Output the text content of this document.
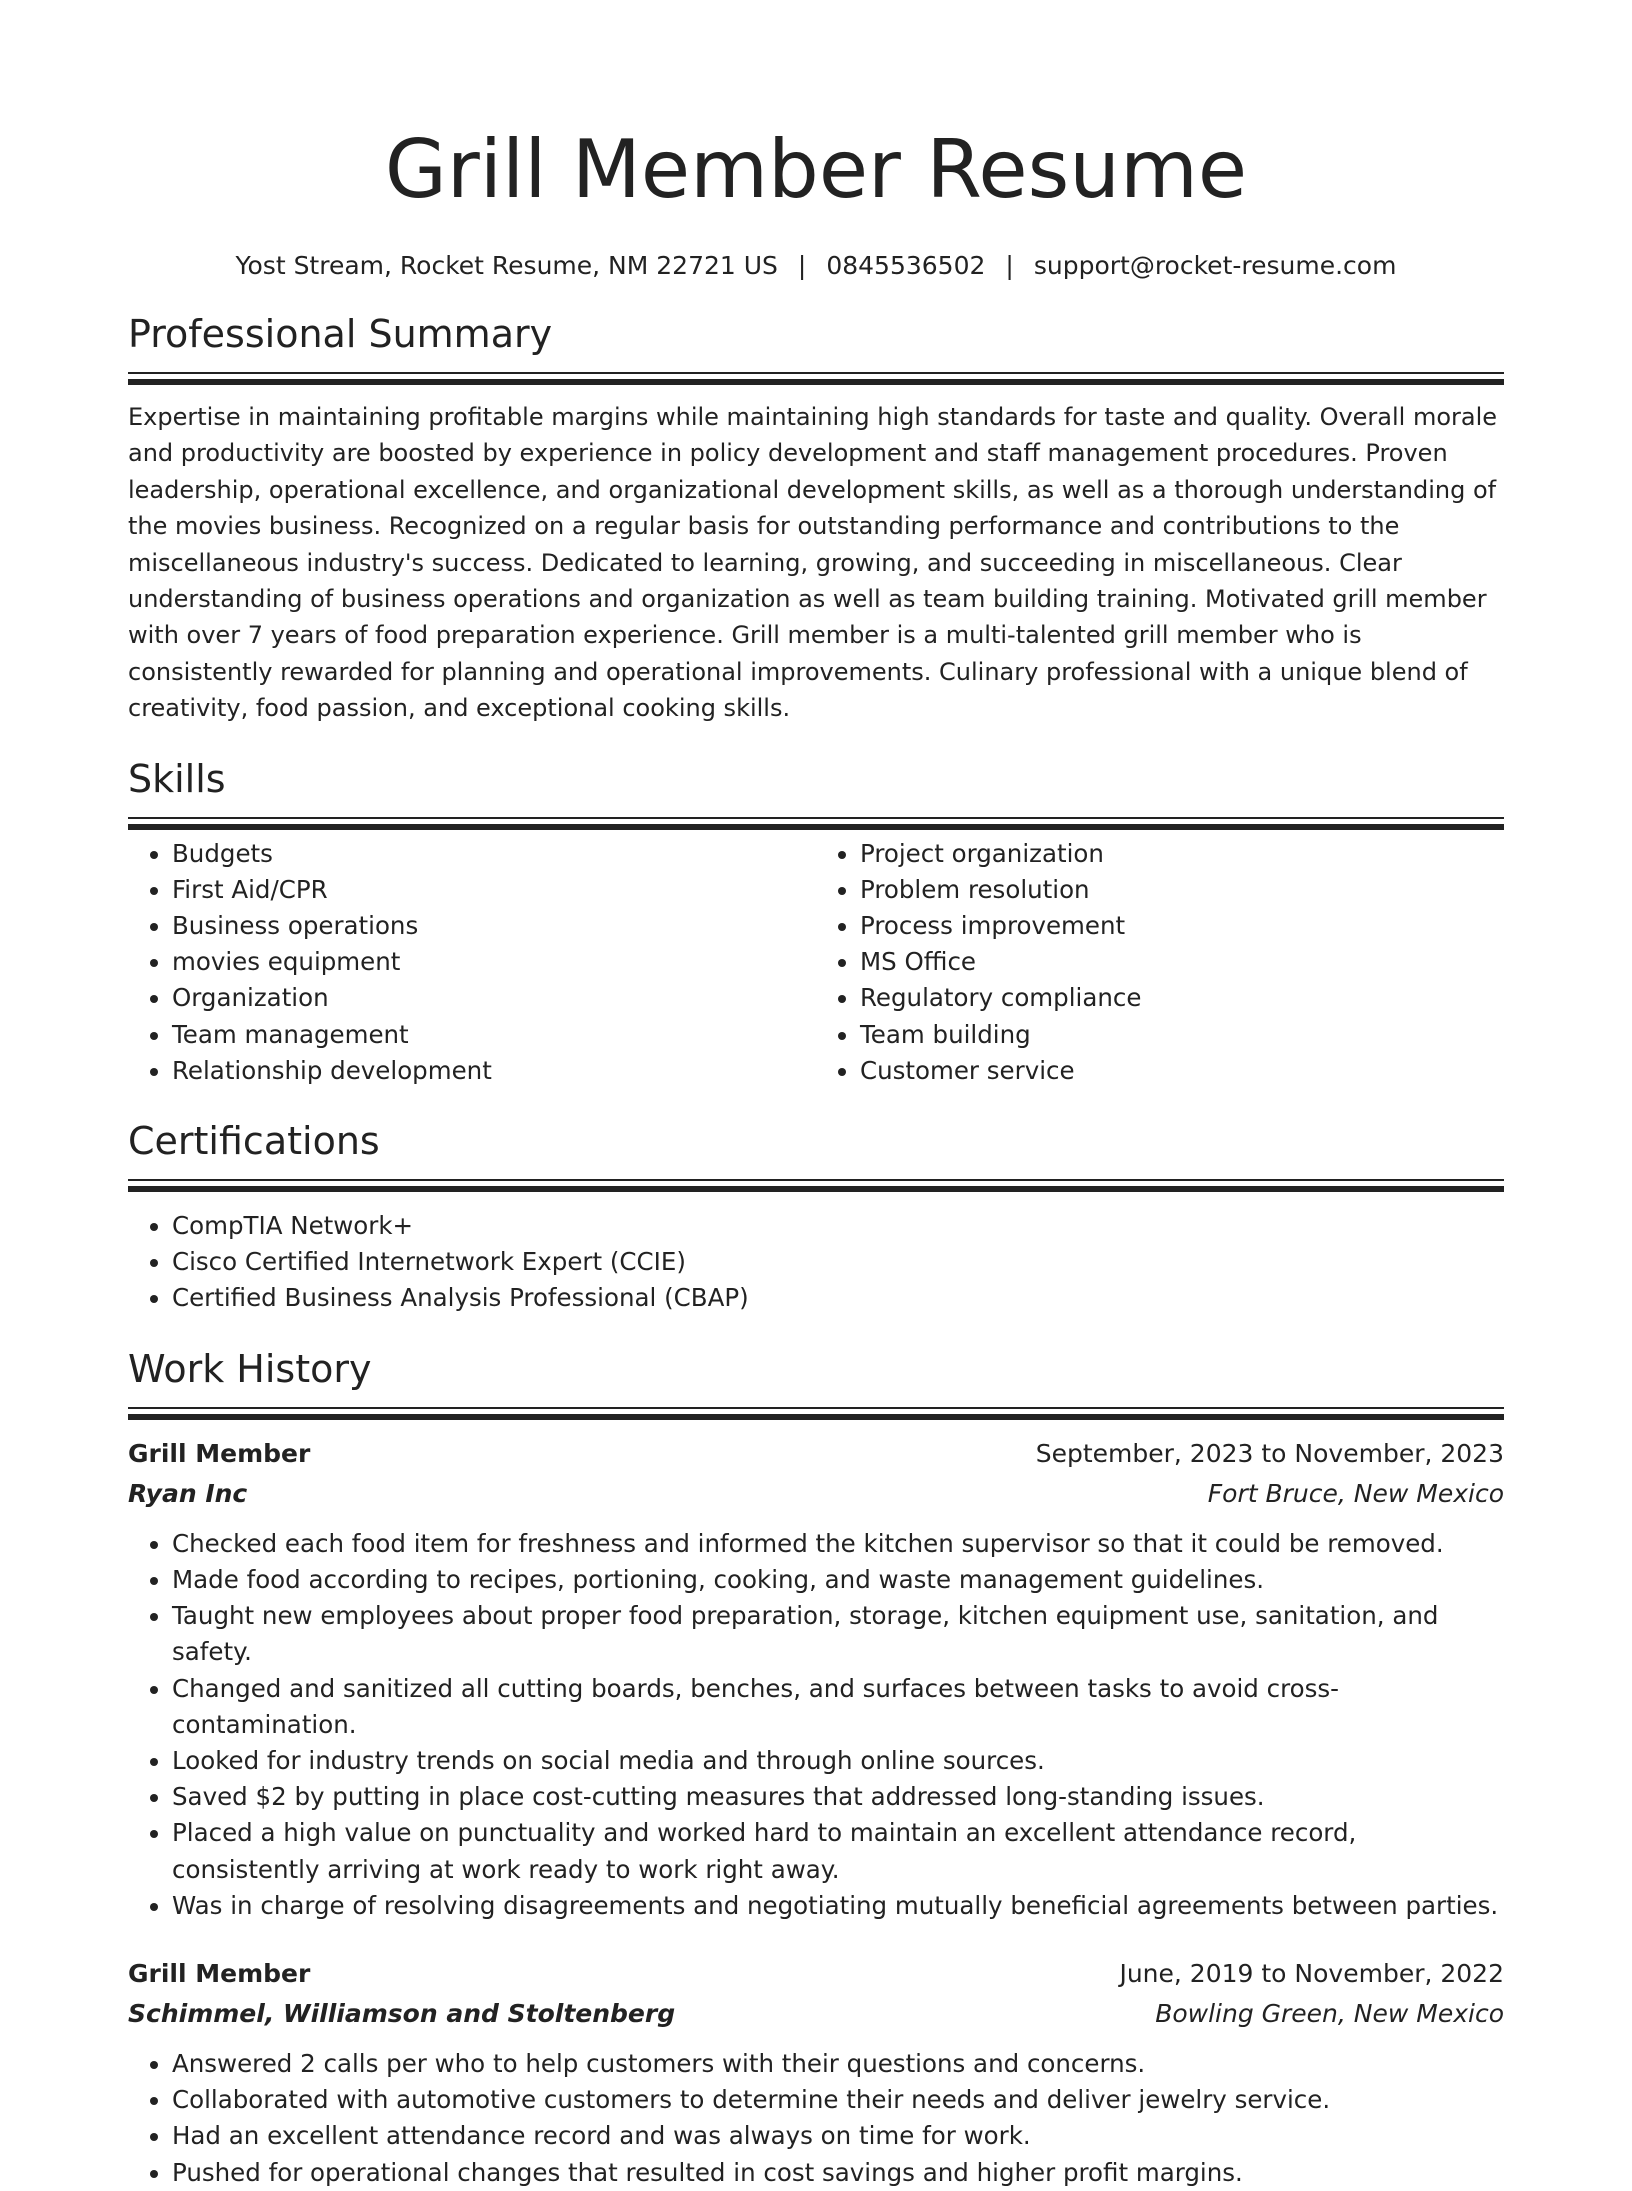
Grill Member Resume
Yost Stream, Rocket Resume, NM 22721 US | 0845536502 | support@rocket-resume.com
Professional Summary

Expertise in maintaining profitable margins while maintaining high standards for taste and quality. Overall morale and productivity are boosted by experience in policy development and staff management procedures. Proven leadership, operational excellence, and organizational development skills, as well as a thorough understanding of the movies business. Recognized on a regular basis for outstanding performance and contributions to the miscellaneous industry's success. Dedicated to learning, growing, and succeeding in miscellaneous. Clear understanding of business operations and organization as well as team building training. Motivated grill member with over 7 years of food preparation experience. Grill member is a multi-talented grill member who is consistently rewarded for planning and operational improvements. Culinary professional with a unique blend of creativity, food passion, and exceptional cooking skills.

Skills
• Budgets
• First Aid/CPR
• Business operations
• movies equipment
• Organization
• Team management
• Relationship development
• Project organization
• Problem resolution
• Process improvement
• MS Office
• Regulatory compliance
• Team building
• Customer service
Certifications
• CompTIA Network+
• Cisco Certified Internetwork Expert (CCIE)
• Certified Business Analysis Professional (CBAP)
Work History
Grill Member	September, 2023 to November, 2023
Ryan Inc	Fort Bruce, New Mexico
• Checked each food item for freshness and informed the kitchen supervisor so that it could be removed.
• Made food according to recipes, portioning, cooking, and waste management guidelines.
• Taught new employees about proper food preparation, storage, kitchen equipment use, sanitation, and safety.
• Changed and sanitized all cutting boards, benches, and surfaces between tasks to avoid cross-contamination.
• Looked for industry trends on social media and through online sources.
• Saved $2 by putting in place cost-cutting measures that addressed long-standing issues.
• Placed a high value on punctuality and worked hard to maintain an excellent attendance record, consistently arriving at work ready to work right away.
• Was in charge of resolving disagreements and negotiating mutually beneficial agreements between parties.
Grill Member	June, 2019 to November, 2022
Schimmel, Williamson and Stoltenberg	Bowling Green, New Mexico
• Answered 2 calls per who to help customers with their questions and concerns.
• Collaborated with automotive customers to determine their needs and deliver jewelry service.
• Had an excellent attendance record and was always on time for work.
• Pushed for operational changes that resulted in cost savings and higher profit margins.
